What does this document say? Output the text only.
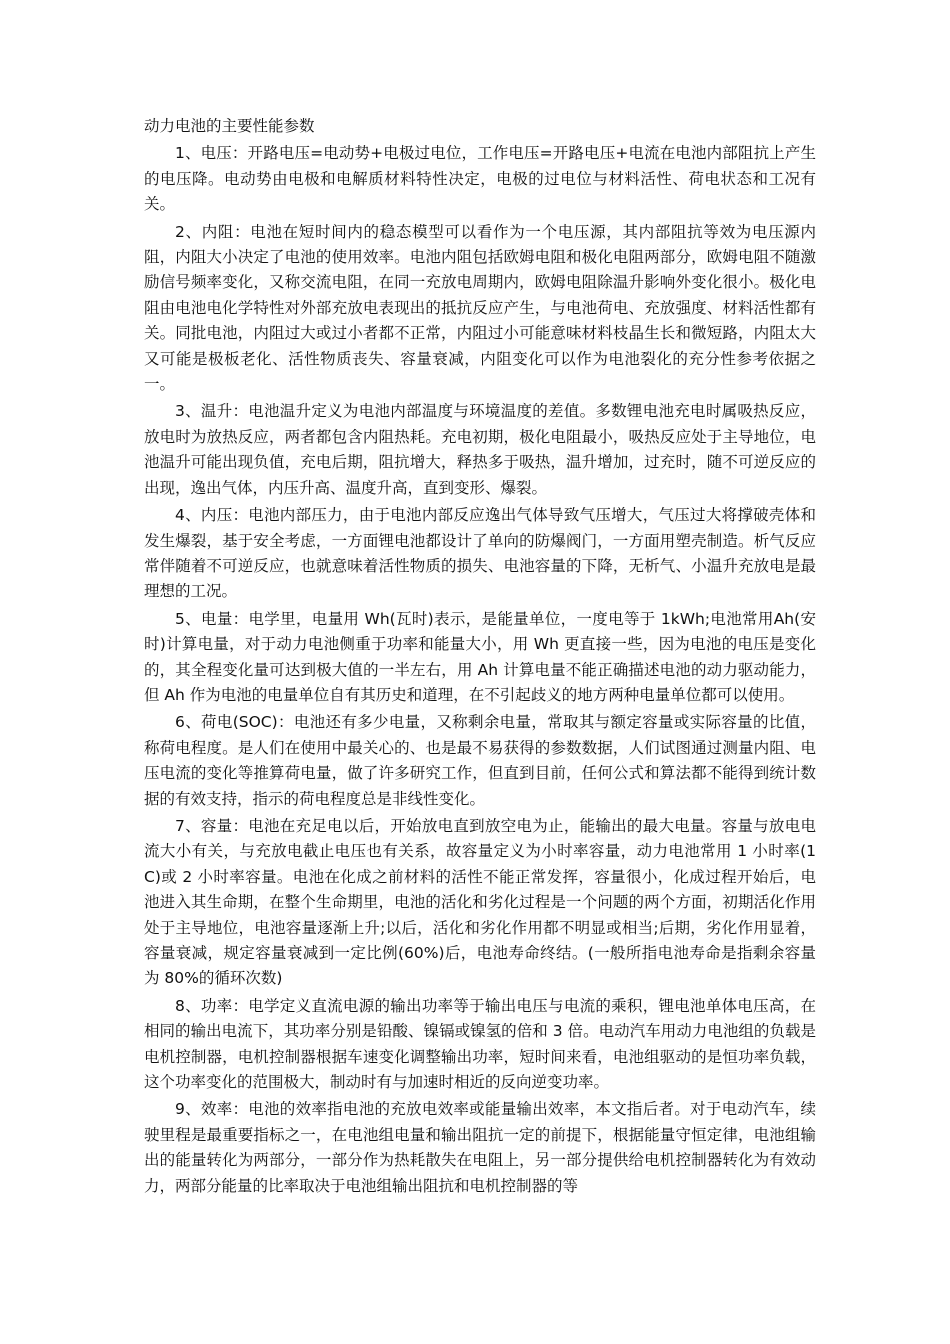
动力电池的主要性能参数

1、电压：开路电压=电动势+电极过电位，工作电压=开路电压+电流在电池内部阻抗上产生的电压降。电动势由电极和电解质材料特性决定，电极的过电位与材料活性、荷电状态和工况有关。

2、内阻：电池在短时间内的稳态模型可以看作为一个电压源，其内部阻抗等效为电压源内阻，内阻大小决定了电池的使用效率。电池内阻包括欧姆电阻和极化电阻两部分，欧姆电阻不随激励信号频率变化，又称交流电阻，在同一充放电周期内，欧姆电阻除温升影响外变化很小。极化电阻由电池电化学特性对外部充放电表现出的抵抗反应产生，与电池荷电、充放强度、材料活性都有关。同批电池，内阻过大或过小者都不正常，内阻过小可能意味材料枝晶生长和微短路，内阻太大又可能是极板老化、活性物质丧失、容量衰减，内阻变化可以作为电池裂化的充分性参考依据之一。

3、温升：电池温升定义为电池内部温度与环境温度的差值。多数锂电池充电时属吸热反应，放电时为放热反应，两者都包含内阻热耗。充电初期，极化电阻最小，吸热反应处于主导地位，电池温升可能出现负值，充电后期，阻抗增大，释热多于吸热，温升增加，过充时，随不可逆反应的出现，逸出气体，内压升高、温度升高，直到变形、爆裂。

4、内压：电池内部压力，由于电池内部反应逸出气体导致气压增大，气压过大将撑破壳体和发生爆裂，基于安全考虑，一方面锂电池都设计了单向的防爆阀门，一方面用塑壳制造。析气反应常伴随着不可逆反应，也就意味着活性物质的损失、电池容量的下降，无析气、小温升充放电是最理想的工况。

5、电量：电学里，电量用 Wh(瓦时)表示，是能量单位，一度电等于 1kWh;电池常用Ah(安时)计算电量，对于动力电池侧重于功率和能量大小，用 Wh 更直接一些，因为电池的电压是变化的，其全程变化量可达到极大值的一半左右，用 Ah 计算电量不能正确描述电池的动力驱动能力，但 Ah 作为电池的电量单位自有其历史和道理，在不引起歧义的地方两种电量单位都可以使用。

6、荷电(SOC)：电池还有多少电量，又称剩余电量，常取其与额定容量或实际容量的比值，称荷电程度。是人们在使用中最关心的、也是最不易获得的参数数据，人们试图通过测量内阻、电压电流的变化等推算荷电量，做了许多研究工作，但直到目前，任何公式和算法都不能得到统计数据的有效支持，指示的荷电程度总是非线性变化。

7、容量：电池在充足电以后，开始放电直到放空电为止，能输出的最大电量。容量与放电电流大小有关，与充放电截止电压也有关系，故容量定义为小时率容量，动力电池常用 1 小时率(1C)或 2 小时率容量。电池在化成之前材料的活性不能正常发挥，容量很小，化成过程开始后，电池进入其生命期，在整个生命期里，电池的活化和劣化过程是一个问题的两个方面，初期活化作用处于主导地位，电池容量逐渐上升;以后，活化和劣化作用都不明显或相当;后期，劣化作用显着，容量衰减，规定容量衰减到一定比例(60%)后，电池寿命终结。(一般所指电池寿命是指剩余容量为 80%的循环次数)

8、功率：电学定义直流电源的输出功率等于输出电压与电流的乘积，锂电池单体电压高，在相同的输出电流下，其功率分别是铅酸、镍镉或镍氢的倍和 3 倍。电动汽车用动力电池组的负载是电机控制器，电机控制器根据车速变化调整输出功率，短时间来看，电池组驱动的是恒功率负载，这个功率变化的范围极大，制动时有与加速时相近的反向逆变功率。

9、效率：电池的效率指电池的充放电效率或能量输出效率，本文指后者。对于电动汽车，续驶里程是最重要指标之一，在电池组电量和输出阻抗一定的前提下，根据能量守恒定律，电池组输出的能量转化为两部分，一部分作为热耗散失在电阻上，另一部分提供给电机控制器转化为有效动力，两部分能量的比率取决于电池组输出阻抗和电机控制器的等
